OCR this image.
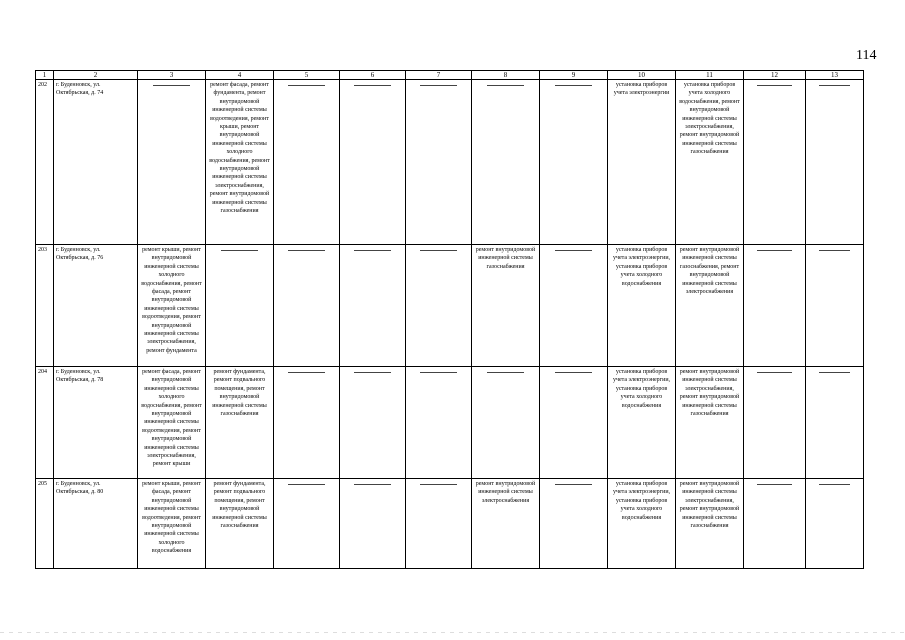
114
1	2	3	4	5	6	7	8	9	10	11	12	13
202	г. Буденновск, ул. Октябрьская, д. 74		ремонт фасада, ремонт фундамента, ремонт внутридомовой инженерной системы водоотведения, ремонт крыши, ремонт внутридомовой инженерной системы холодного водоснабжения, ремонт внутридомовой инженерной системы электроснабжения, ремонт внутридомовой инженерной системы газоснабжения						установка приборов учета электроэнергии	установка приборов учета холодного водоснабжения, ремонт внутридомовой инженерной системы электроснабжения, ремонт внутридомовой инженерной системы газоснабжения	

203	г. Буденновск, ул. Октябрьская, д. 76	ремонт крыши, ремонт внутридомовой инженерной системы холодного водоснабжения, ремонт фасада, ремонт внутридомовой инженерной системы водоотведения, ремонт внутридомовой инженерной системы электроснабжения, ремонт фундамента					ремонт внутридомовой инженерной системы газоснабжения		установка приборов учета электроэнергии, установка приборов учета холодного водоснабжения	ремонт внутридомовой инженерной системы газоснабжения, ремонт внутридомовой инженерной системы электроснабжения	

204	г. Буденновск, ул. Октябрьская, д. 78	ремонт фасада, ремонт внутридомовой инженерной системы холодного водоснабжения, ремонт внутридомовой инженерной системы водоотведения, ремонт внутридомовой инженерной системы электроснабжения, ремонт крыши	ремонт фундамента, ремонт подвального помещения, ремонт внутридомовой инженерной системы газоснабжения						установка приборов учета электроэнергии, установка приборов учета холодного водоснабжения	ремонт внутридомовой инженерной системы электроснабжения, ремонт внутридомовой инженерной системы газоснабжения	

205	г. Буденновск, ул. Октябрьская, д. 80	ремонт крыши, ремонт фасада, ремонт внутридомовой инженерной системы водоотведения, ремонт внутридомовой инженерной системы холодного водоснабжения	ремонт фундамента, ремонт подвального помещения, ремонт внутридомовой инженерной системы газоснабжения				ремонт внутридомовой инженерной системы электроснабжения		установка приборов учета электроэнергии, установка приборов учета холодного водоснабжения	ремонт внутридомовой инженерной системы электроснабжения, ремонт внутридомовой инженерной системы газоснабжения	
